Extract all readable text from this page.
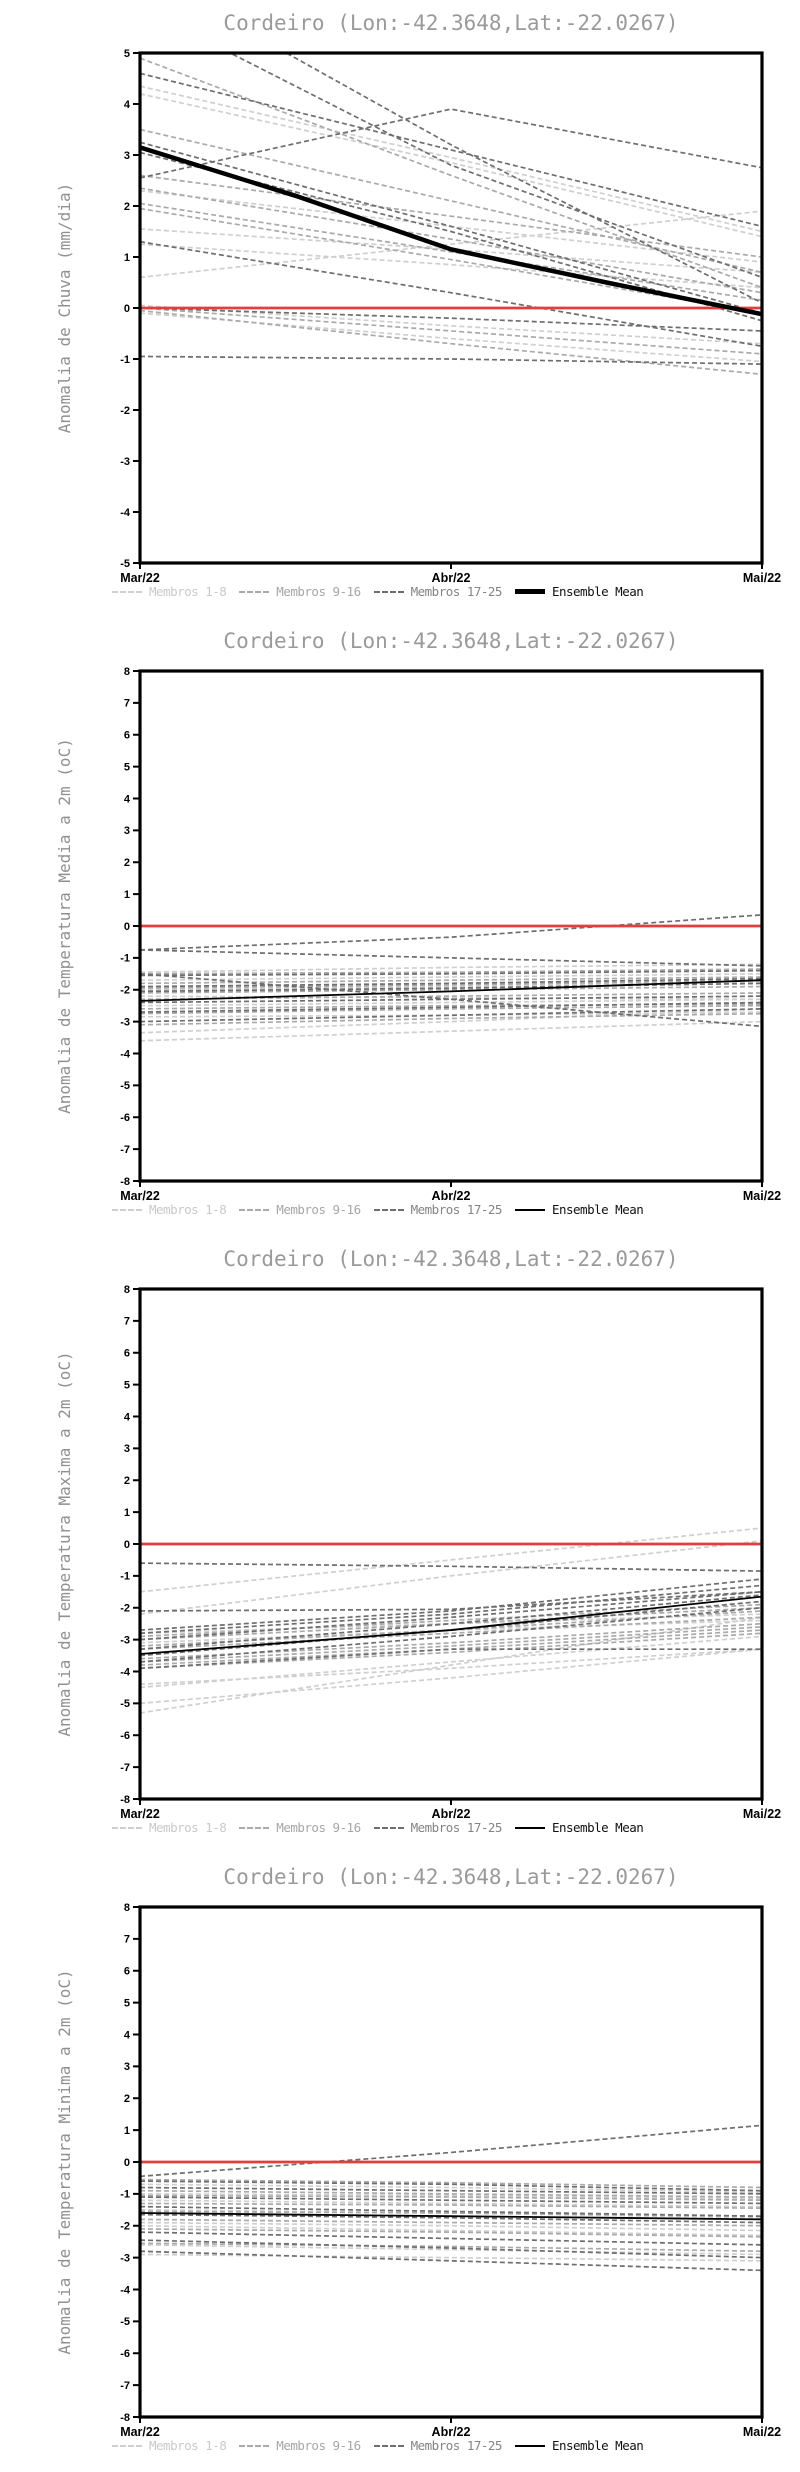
Cordeiro (Lon:-42.3648,Lat:-22.0267)
Anomalia de Chuva (mm/dia)
5
4
3
2
1
0
-1
-2
-3
-4
-5
Mar/22	Abr/22	Mai/22
Membros 1-8	Membros 9-16	Membros 17-25	Ensemble Mean
Cordeiro (Lon:-42.3648,Lat:-22.0267)
Anomalia de Temperatura Media a 2m (oC)
8
7
6
5
4
3
2
1
0
-1
-2
-3
-4
-5
-6
-7
-8
Mar/22	Abr/22	Mai/22
Membros 1-8	Membros 9-16	Membros 17-25	Ensemble Mean
Cordeiro (Lon:-42.3648,Lat:-22.0267)
Anomalia de Temperatura Maxima a 2m (oC)
8
7
6
5
4
3
2
1
0
-1
-2
-3
-4
-5
-6
-7
-8
Mar/22	Abr/22	Mai/22
Membros 1-8	Membros 9-16	Membros 17-25	Ensemble Mean
Cordeiro (Lon:-42.3648,Lat:-22.0267)
Anomalia de Temperatura Minima a 2m (oC)
8
7
6
5
4
3
2
1
0
-1
-2
-3
-4
-5
-6
-7
-8
Mar/22	Abr/22	Mai/22
Membros 1-8	Membros 9-16	Membros 17-25	Ensemble Mean
